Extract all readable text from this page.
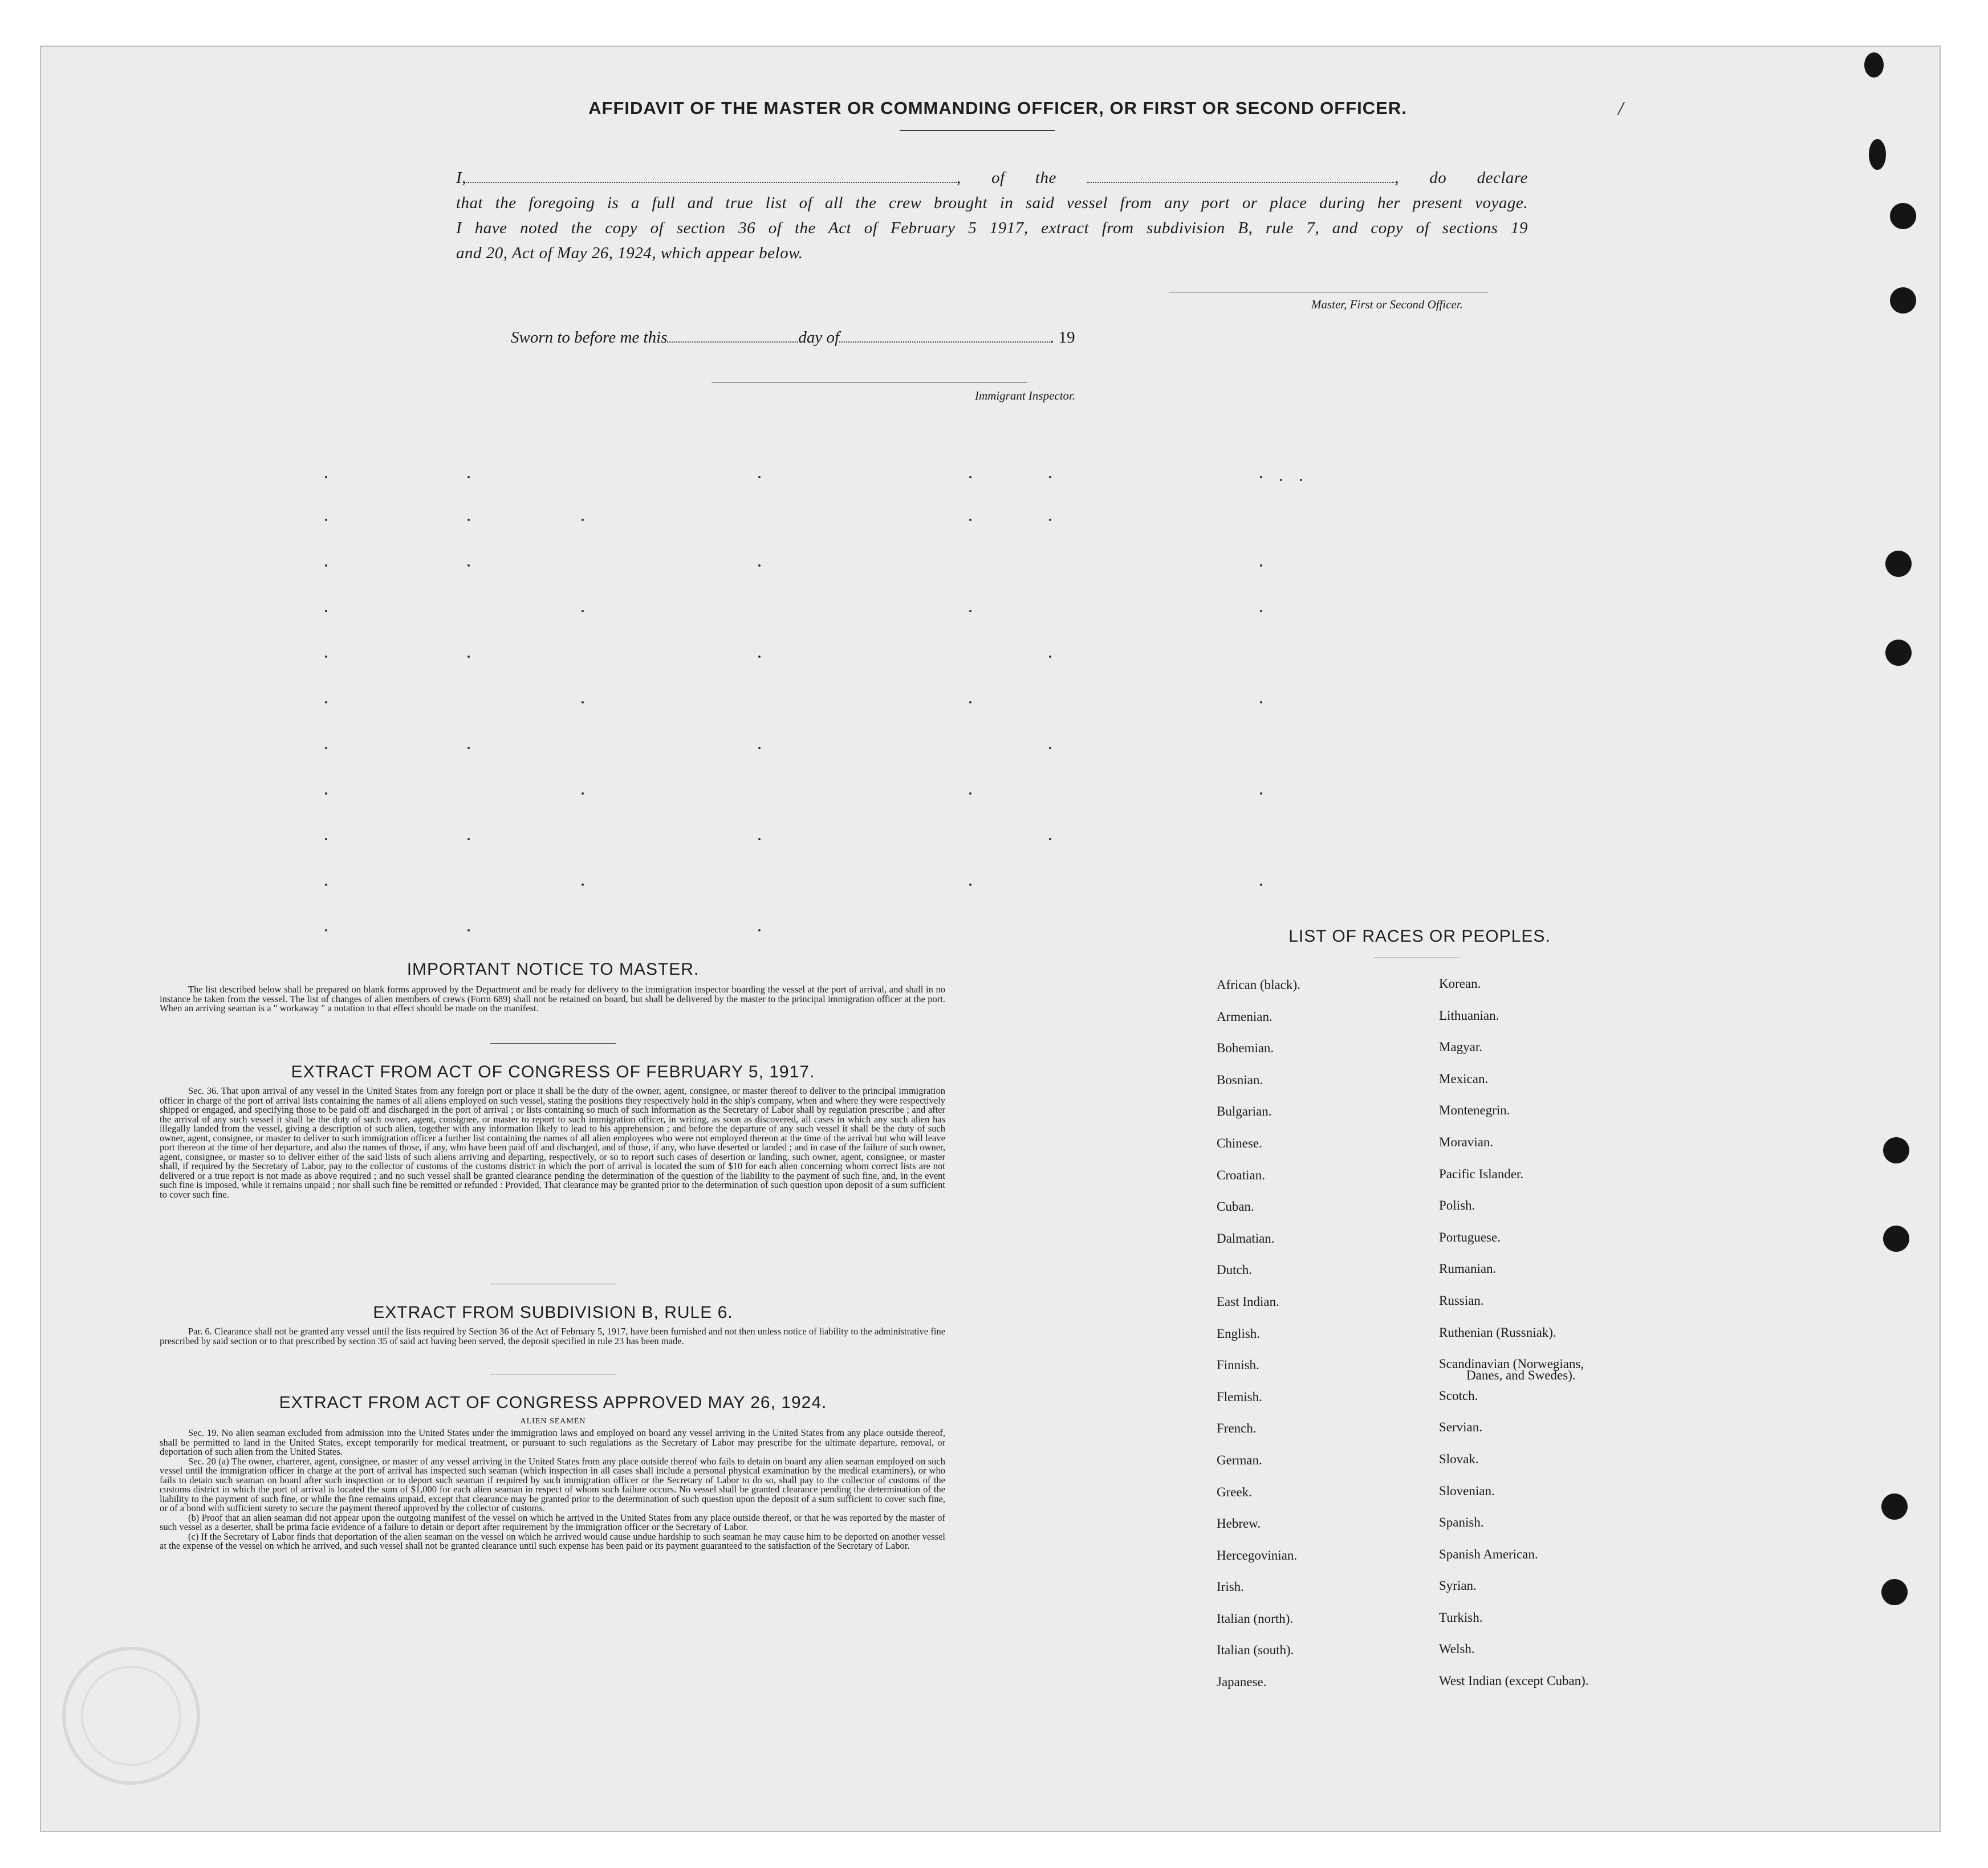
AFFIDAVIT OF THE MASTER OR COMMANDING OFFICER, OR FIRST OR SECOND OFFICER.	/
I,	, of the	, do declare
that the foregoing is a full and true list of all the crew brought in said vessel from any port or place during her present voyage.
I have noted the copy of section 36 of the Act of February 5 1917, extract from subdivision B, rule 7, and copy of sections 19
and 20, Act of May 26, 1924, which appear below.
Master, First or Second Officer.
Sworn to before me this	day of	. 19
Immigrant Inspector.
IMPORTANT NOTICE TO MASTER.

The list described below shall be prepared on blank forms approved by the Department and be ready for delivery to the immigration inspector boarding the vessel at the port of arrival, and shall in no instance be taken from the vessel. The list of changes of alien members of crews (Form 689) shall not be retained on board, but shall be delivered by the master to the principal immigration officer at the port. When an arriving seaman is a " workaway " a notation to that effect should be made on the manifest.

EXTRACT FROM ACT OF CONGRESS OF FEBRUARY 5, 1917.

Sec. 36. That upon arrival of any vessel in the United States from any foreign port or place it shall be the duty of the owner, agent, consignee, or master thereof to deliver to the principal immigration officer in charge of the port of arrival lists containing the names of all aliens employed on such vessel, stating the positions they respectively hold in the ship's company, when and where they were respectively shipped or engaged, and specifying those to be paid off and discharged in the port of arrival ; or lists containing so much of such information as the Secretary of Labor shall by regulation prescribe ; and after the arrival of any such vessel it shall be the duty of such owner, agent, consignee, or master to report to such immigration officer, in writing, as soon as discovered, all cases in which any such alien has illegally landed from the vessel, giving a description of such alien, together with any information likely to lead to his apprehension ; and before the departure of any such vessel it shall be the duty of such owner, agent, consignee, or master to deliver to such immigration officer a further list containing the names of all alien employees who were not employed thereon at the time of the arrival but who will leave port thereon at the time of her departure, and also the names of those, if any, who have been paid off and discharged, and of those, if any, who have deserted or landed ; and in case of the failure of such owner, agent, consignee, or master so to deliver either of the said lists of such aliens arriving and departing, respectively, or so to report such cases of desertion or landing, such owner, agent, consignee, or master shall, if required by the Secretary of Labor, pay to the collector of customs of the customs district in which the port of arrival is located the sum of $10 for each alien concerning whom correct lists are not delivered or a true report is not made as above required ; and no such vessel shall be granted clearance pending the determination of the question of the liability to the payment of such fine, and, in the event such fine is imposed, while it remains unpaid ; nor shall such fine be remitted or refunded : Provided, That clearance may be granted prior to the determination of such question upon deposit of a sum sufficient to cover such fine.

EXTRACT FROM SUBDIVISION B, RULE 6.

Par. 6. Clearance shall not be granted any vessel until the lists required by Section 36 of the Act of February 5, 1917, have been furnished and not then unless notice of liability to the administrative fine prescribed by said section or to that prescribed by section 35 of said act having been served, the deposit specified in rule 23 has been made.

EXTRACT FROM ACT OF CONGRESS APPROVED MAY 26, 1924.
ALIEN SEAMEN

Sec. 19. No alien seaman excluded from admission into the United States under the immigration laws and employed on board any vessel arriving in the United States from any place outside thereof, shall be permitted to land in the United States, except temporarily for medical treatment, or pursuant to such regulations as the Secretary of Labor may prescribe for the ultimate departure, removal, or deportation of such alien from the United States.

Sec. 20 (a) The owner, charterer, agent, consignee, or master of any vessel arriving in the United States from any place outside thereof who fails to detain on board any alien seaman employed on such vessel until the immigration officer in charge at the port of arrival has inspected such seaman (which inspection in all cases shall include a personal physical examination by the medical examiners), or who fails to detain such seaman on board after such inspection or to deport such seaman if required by such immigration officer or the Secretary of Labor to do so, shall pay to the collector of customs of the customs district in which the port of arrival is located the sum of $1,000 for each alien seaman in respect of whom such failure occurs. No vessel shall be granted clearance pending the determination of the liability to the payment of such fine, or while the fine remains unpaid, except that clearance may be granted prior to the determination of such question upon the deposit of a sum sufficient to cover such fine, or of a bond with sufficient surety to secure the payment thereof approved by the collector of customs.

(b) Proof that an alien seaman did not appear upon the outgoing manifest of the vessel on which he arrived in the United States from any place outside thereof, or that he was reported by the master of such vessel as a deserter, shall be prima facie evidence of a failure to detain or deport after requirement by the immigration officer or the Secretary of Labor.

(c) If the Secretary of Labor finds that deportation of the alien seaman on the vessel on which he arrived would cause undue hardship to such seaman he may cause him to be deported on another vessel at the expense of the vessel on which he arrived, and such vessel shall not be granted clearance until such expense has been paid or its payment guaranteed to the satisfaction of the Secretary of Labor.

LIST OF RACES OR PEOPLES.
African (black).
Armenian.
Bohemian.
Bosnian.
Bulgarian.
Chinese.
Croatian.
Cuban.
Dalmatian.
Dutch.
East Indian.
English.
Finnish.
Flemish.
French.
German.
Greek.
Hebrew.
Hercegovinian.
Irish.
Italian (north).
Italian (south).
Japanese.
Korean.
Lithuanian.
Magyar.
Mexican.
Montenegrin.
Moravian.
Pacific Islander.
Polish.
Portuguese.
Rumanian.
Russian.
Ruthenian (Russniak).
Scandinavian (Norwegians,
Scotch.
Servian.
Slovak.
Slovenian.
Spanish.
Spanish American.
Syrian.
Turkish.
Welsh.
West Indian (except Cuban).
Danes, and Swedes).
